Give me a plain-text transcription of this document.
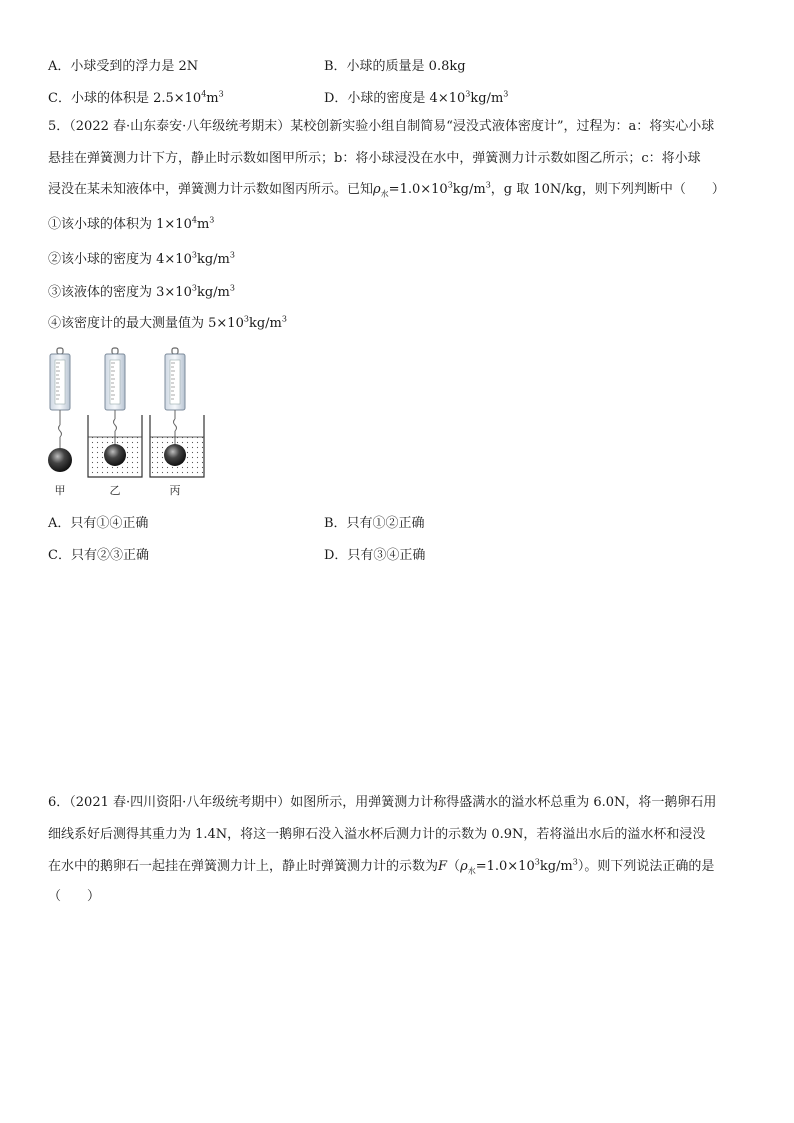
A．小球受到的浮力是 2N	B．小球的质量是 0.8kg
C．小球的体积是 $2.5\times 10^4m^3$	D．小球的密度是 $4\times 10^3kg/m^3$
5．（2022 春·山东泰安·八年级统考期末）某校创新实验小组自制简易“浸没式液体密度计”，过程为：a：将实心小球
悬挂在弹簧测力计下方，静止时示数如图甲所示；b：将小球浸没在水中，弹簧测力计示数如图乙所示；c：将小球
浸没在某未知液体中，弹簧测力计示数如图丙所示。已知$\rho_水=1.0\times 10^3kg/m^3$，g 取 10N/kg，则下列判断中（　　）
①该小球的体积为 $1\times 10^4m^3$
②该小球的密度为 $4\times 10^3kg/m^3$
③该液体的密度为 $3\times 10^3kg/m^3$
④该密度计的最大测量值为 $5\times 10^3kg/m^3$
甲	乙	丙
A．只有①④正确	B．只有①②正确
C．只有②③正确	D．只有③④正确
6．（2021 春·四川资阳·八年级统考期中）如图所示，用弹簧测力计称得盛满水的溢水杯总重为 6.0N，将一鹅卵石用
细线系好后测得其重力为 1.4N，将这一鹅卵石没入溢水杯后测力计的示数为 0.9N，若将溢出水后的溢水杯和浸没
在水中的鹅卵石一起挂在弹簧测力计上，静止时弹簧测力计的示数为$F(\rho_水=1.0\times 10^3kg/m^3)$。则下列说法正确的是
（　　）
